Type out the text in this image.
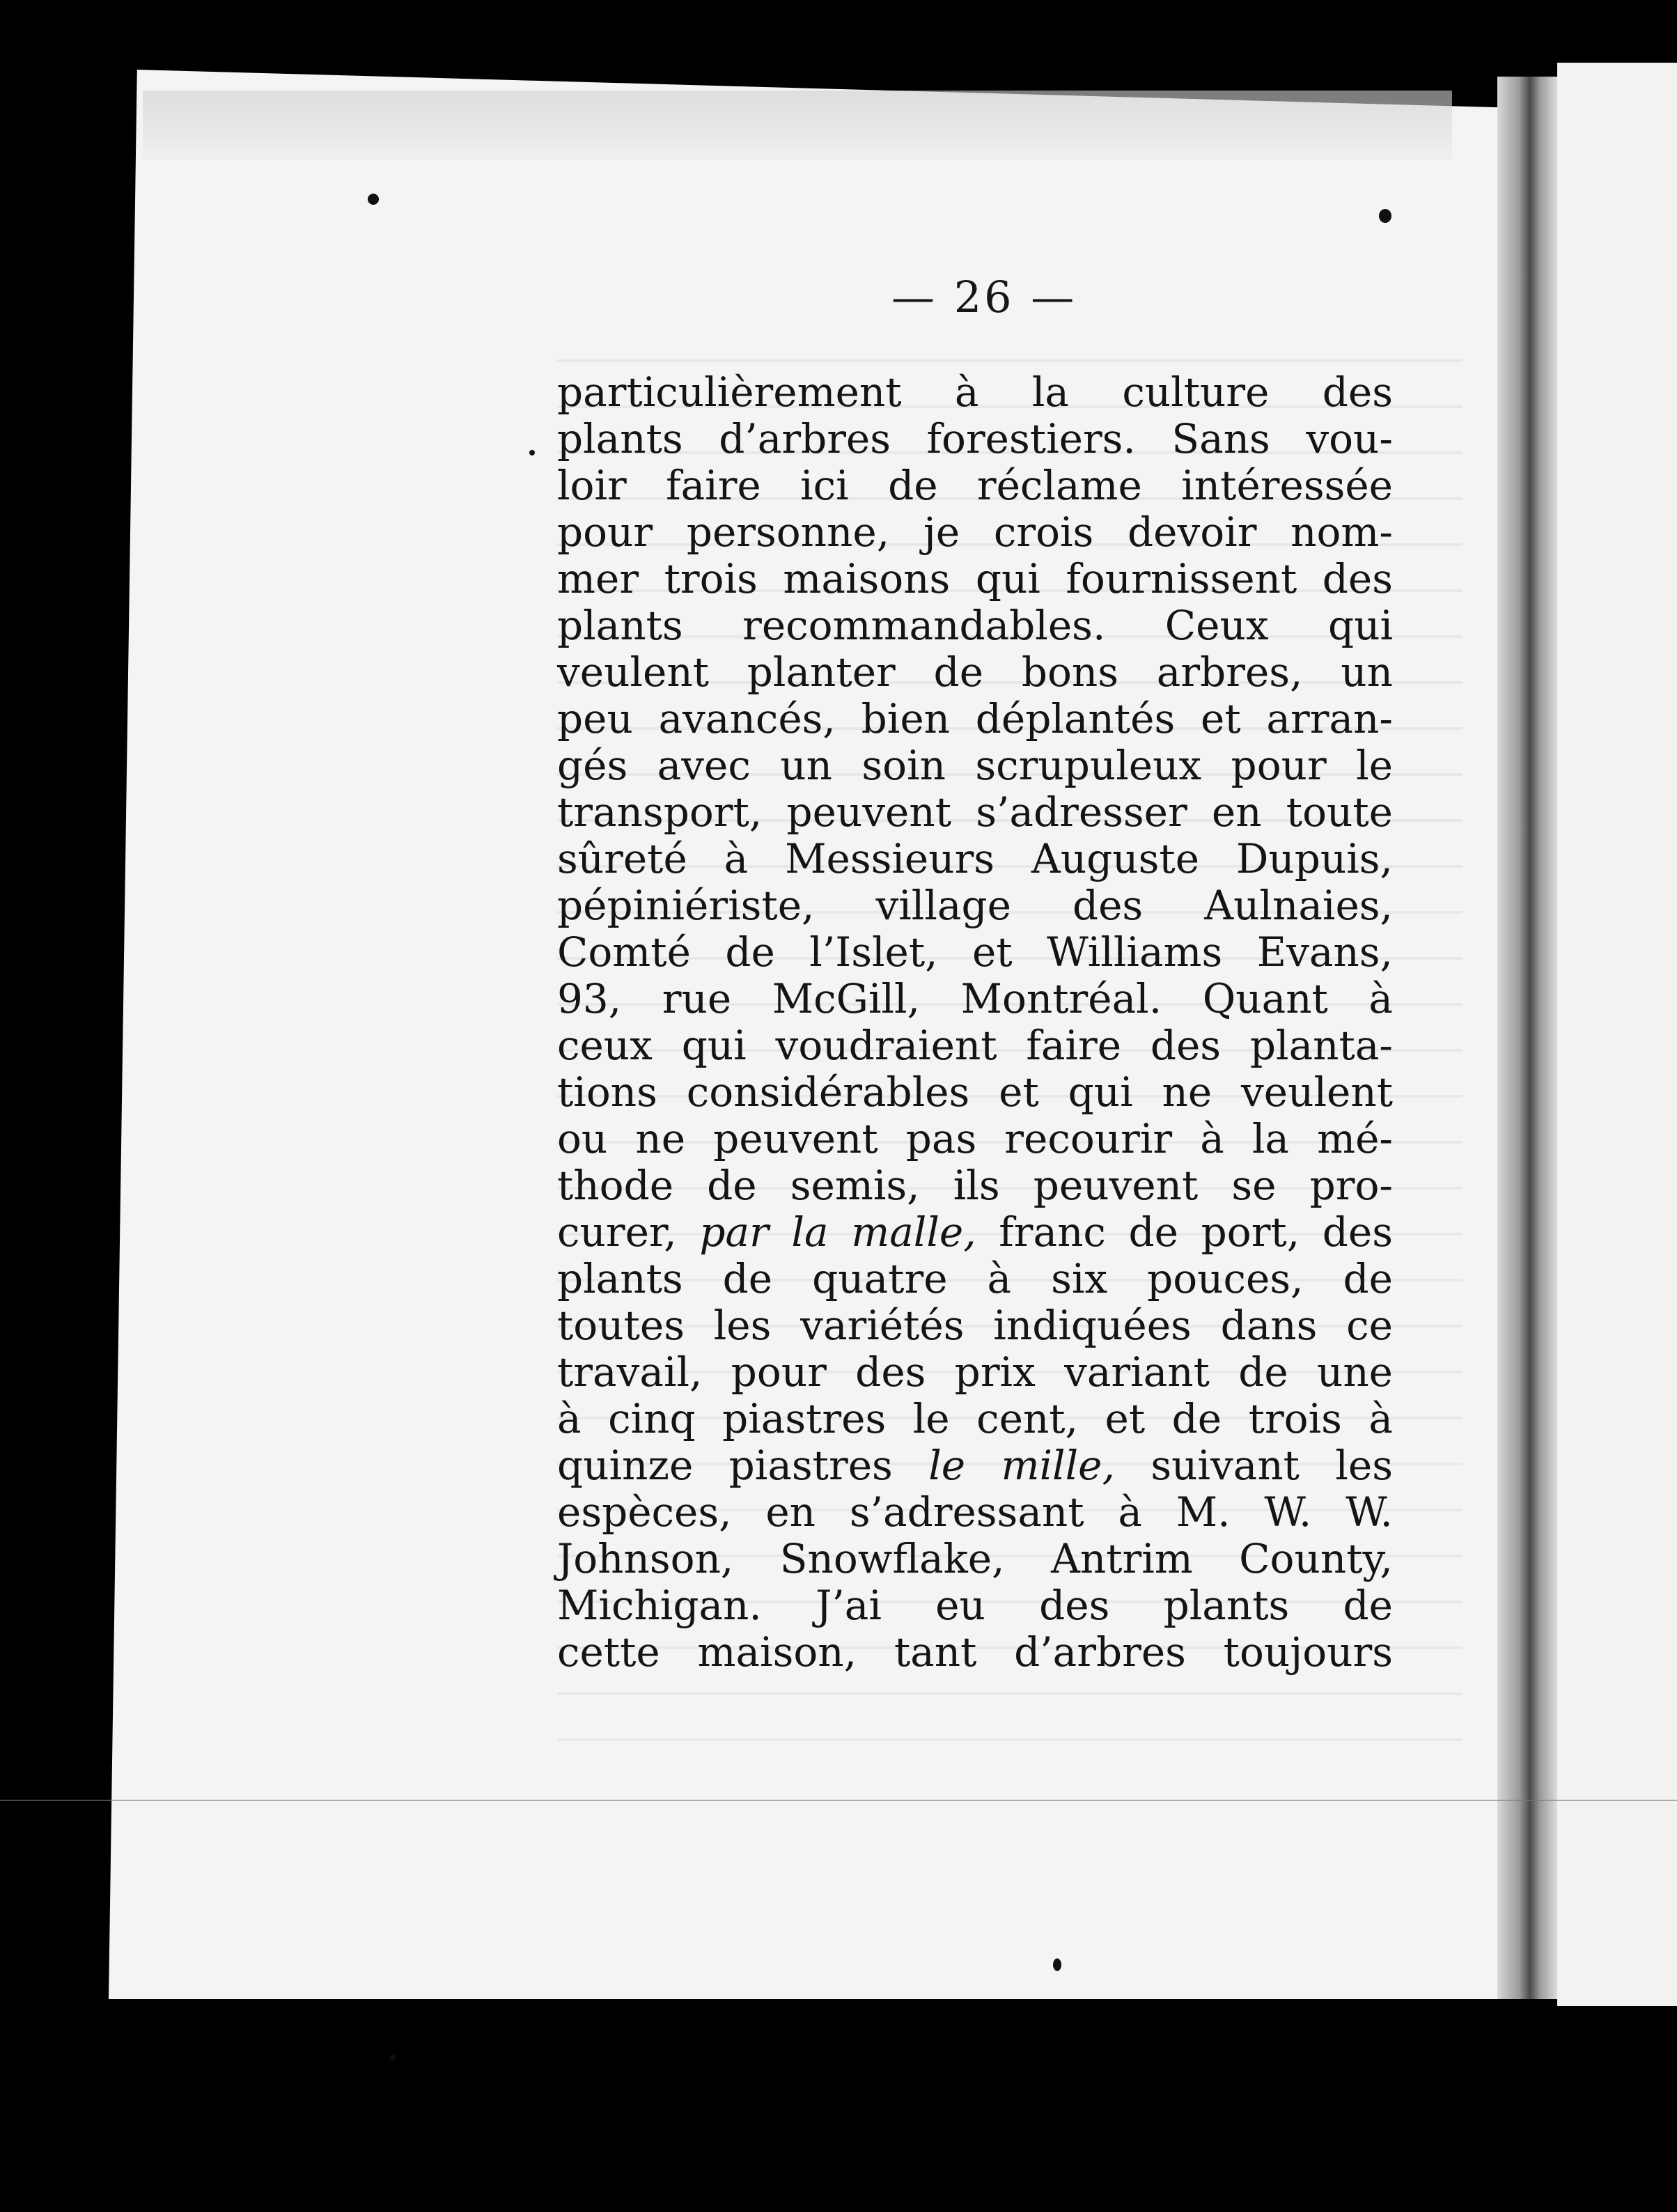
— 26 —
particulièrement à la culture des
plants d’arbres forestiers. Sans vou-
loir faire ici de réclame intéressée
pour personne, je crois devoir nom-
mer trois maisons qui fournissent des
plants recommandables. Ceux qui
veulent planter de bons arbres, un
peu avancés, bien déplantés et arran-
gés avec un soin scrupuleux pour le
transport, peuvent s’adresser en toute
sûreté à Messieurs Auguste Dupuis,
pépiniériste, village des Aulnaies,
Comté de l’Islet, et Williams Evans,
93, rue McGill, Montréal. Quant à
ceux qui voudraient faire des planta-
tions considérables et qui ne veulent
ou ne peuvent pas recourir à la mé-
thode de semis, ils peuvent se pro-
curer, par la malle, franc de port, des
plants de quatre à six pouces, de
toutes les variétés indiquées dans ce
travail, pour des prix variant de une
à cinq piastres le cent, et de trois à
quinze piastres le mille, suivant les
espèces, en s’adressant à M. W. W.
Johnson, Snowflake, Antrim County,
Michigan. J’ai eu des plants de
cette maison, tant d’arbres toujours
